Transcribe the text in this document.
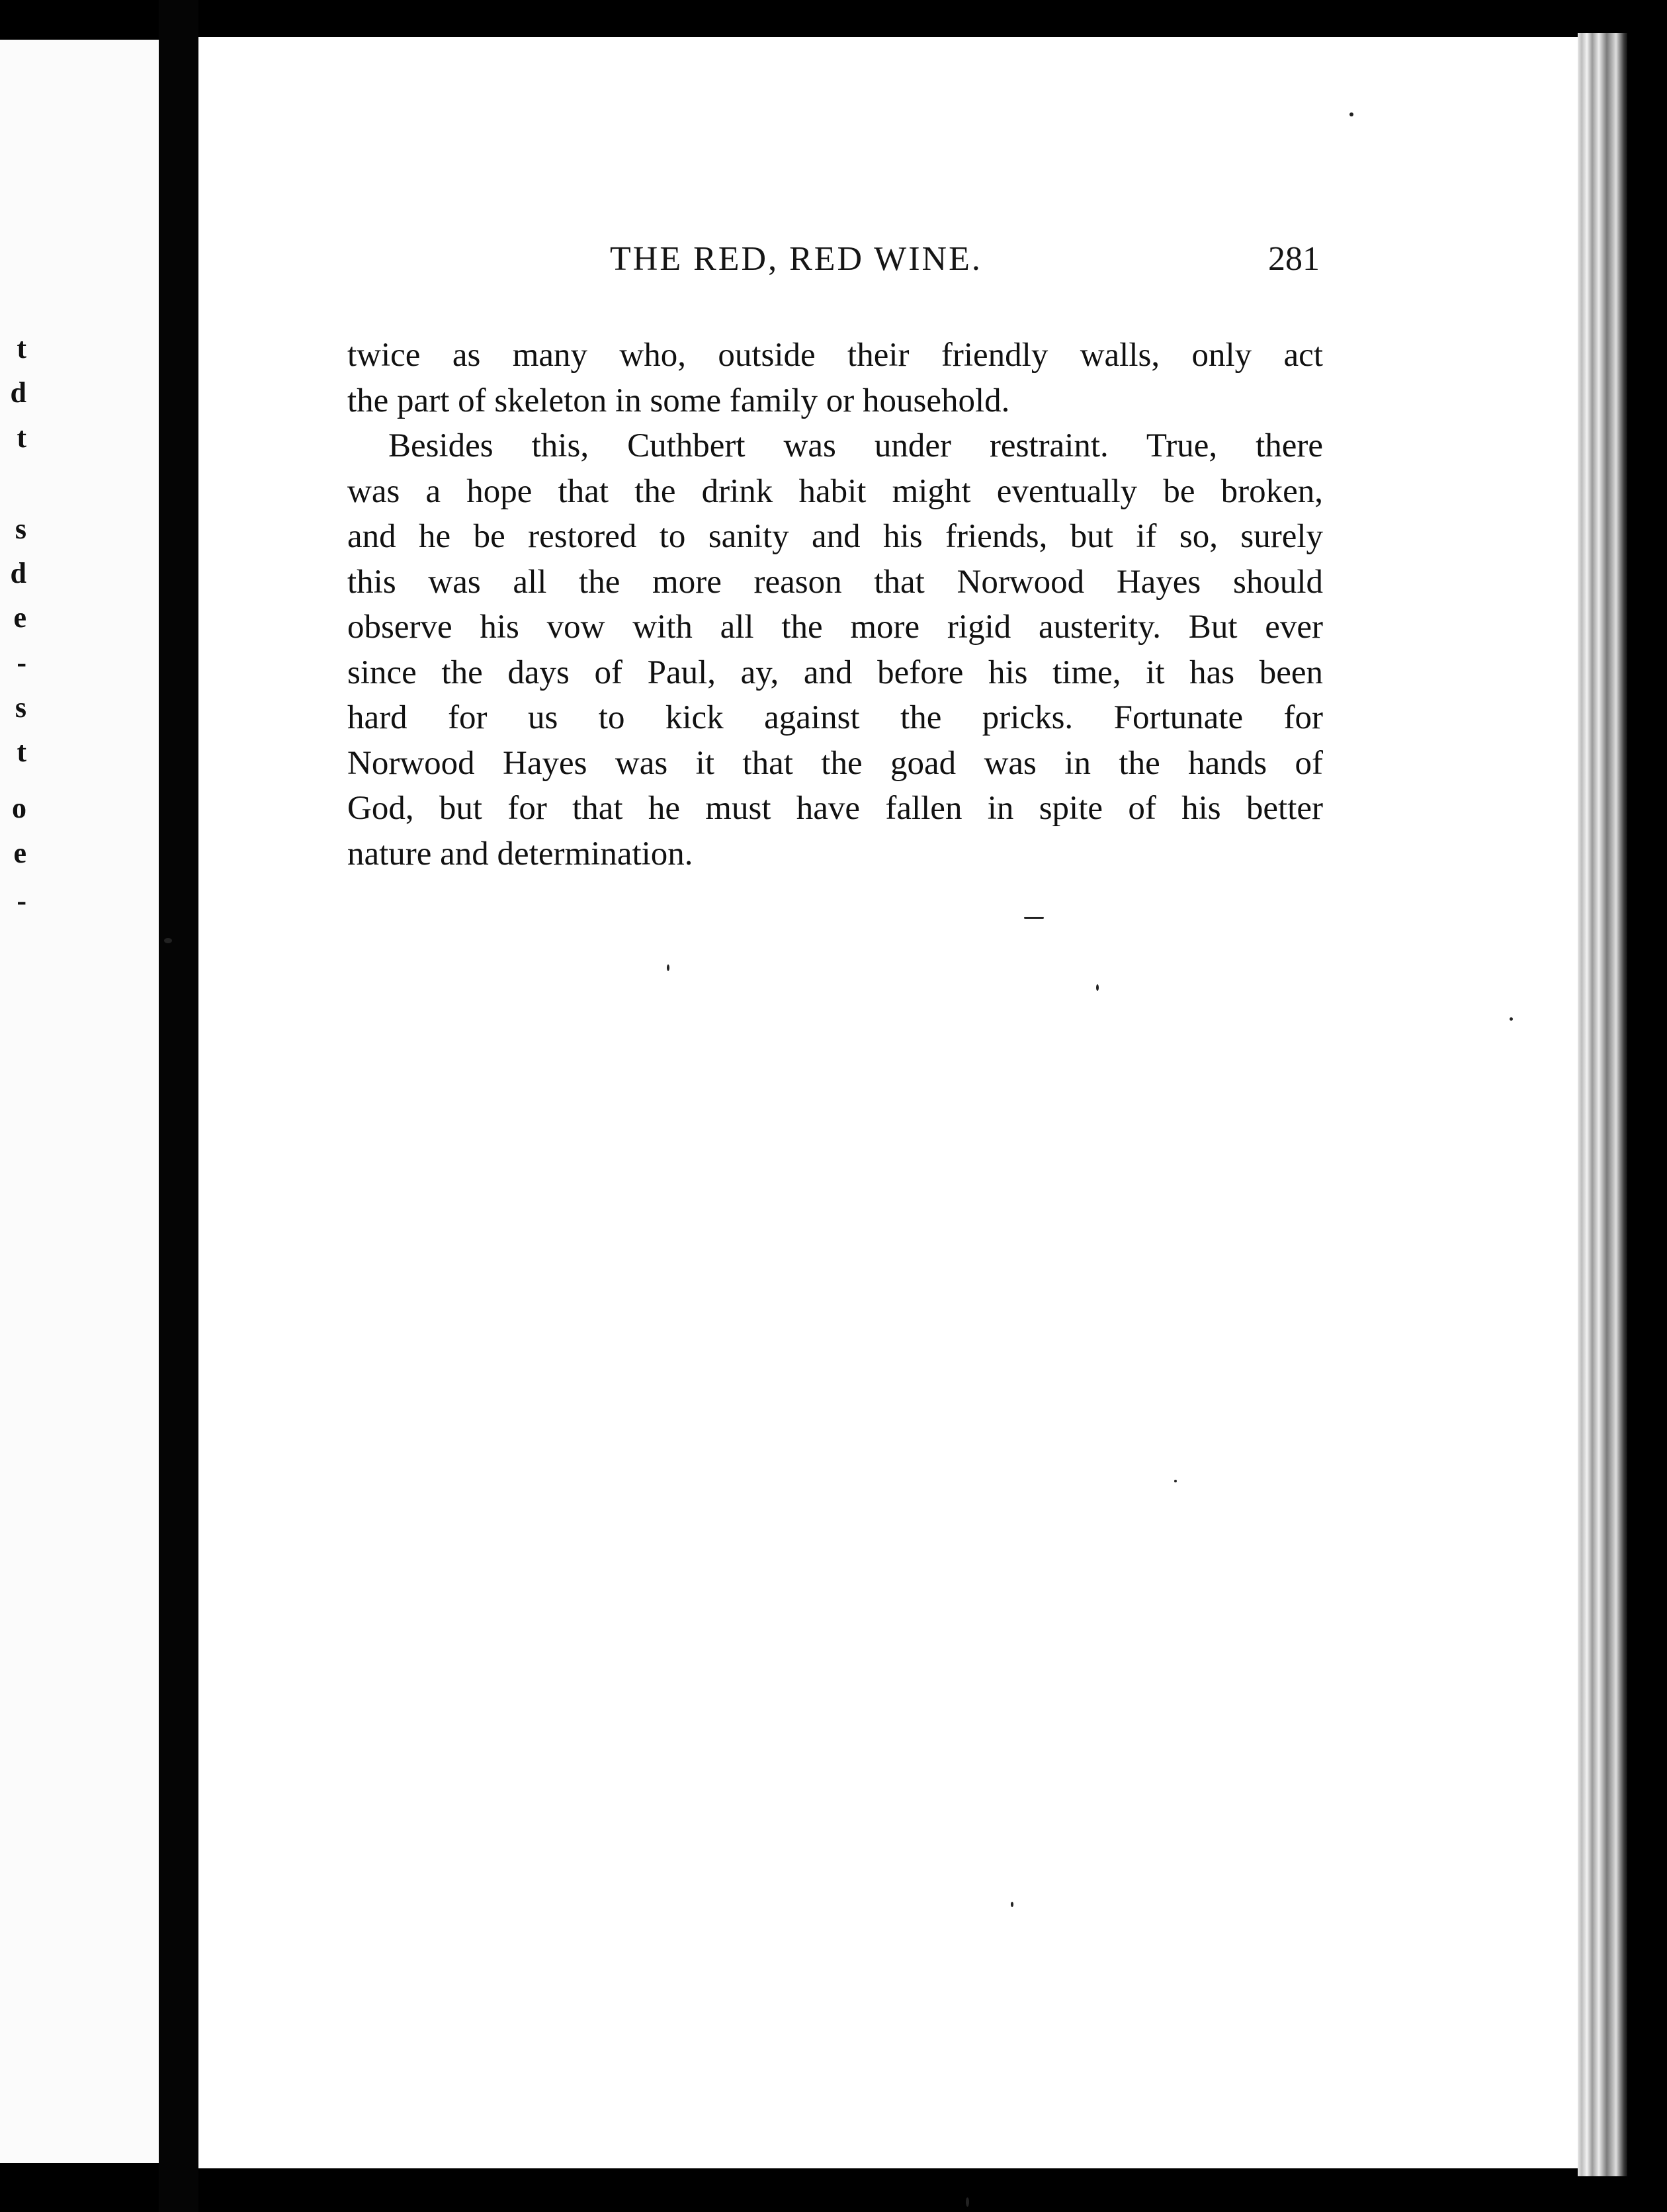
t
d
t
s
d
e
-
s
t
o
e
-
THE RED, RED WINE.	281
twice as many who, outside their friendly walls, only act
the part of skeleton in some family or household.
Besides this, Cuthbert was under restraint. True, there
was a hope that the drink habit might eventually be broken,
and he be restored to sanity and his friends, but if so, surely
this was all the more reason that Norwood Hayes should
observe his vow with all the more rigid austerity. But ever
since the days of Paul, ay, and before his time, it has been
hard for us to kick against the pricks. Fortunate for
Norwood Hayes was it that the goad was in the hands of
God, but for that he must have fallen in spite of his better
nature and determination.
